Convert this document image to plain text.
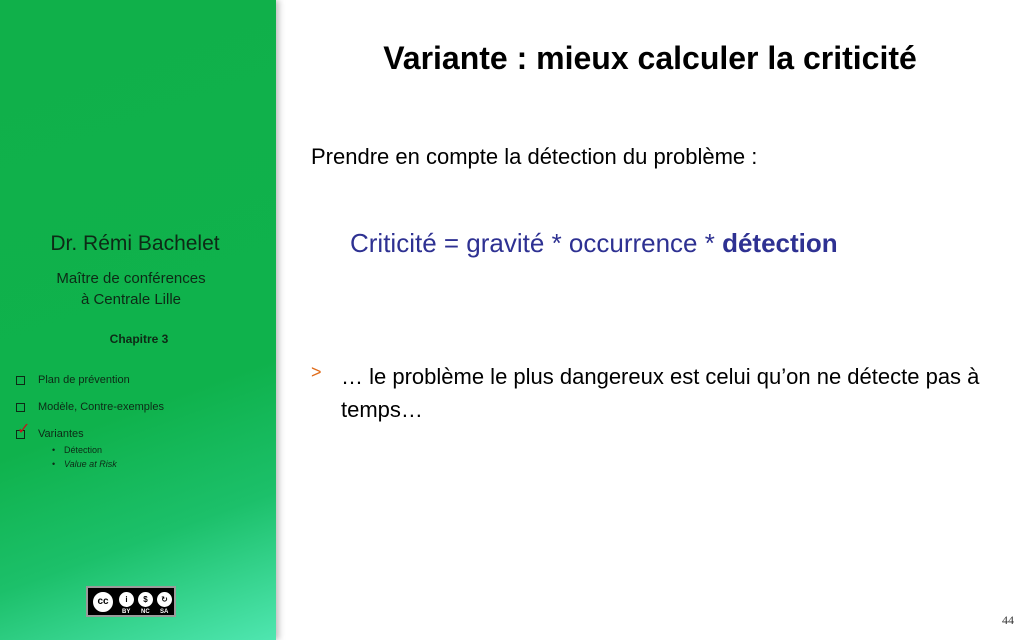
Dr. Rémi Bachelet
Maître de conférences
à Centrale Lille
Chapitre 3
Plan de prévention
Modèle, Contre-exemples
✓ Variantes
• Détection
• Value at Risk
cc	i	$	↻
BY NC SA
Variante : mieux calculer la criticité
Prendre en compte la détection du problème :
Criticité = gravité * occurrence * détection
> … le problème le plus dangereux est celui qu’on ne détecte pas à temps…
44
